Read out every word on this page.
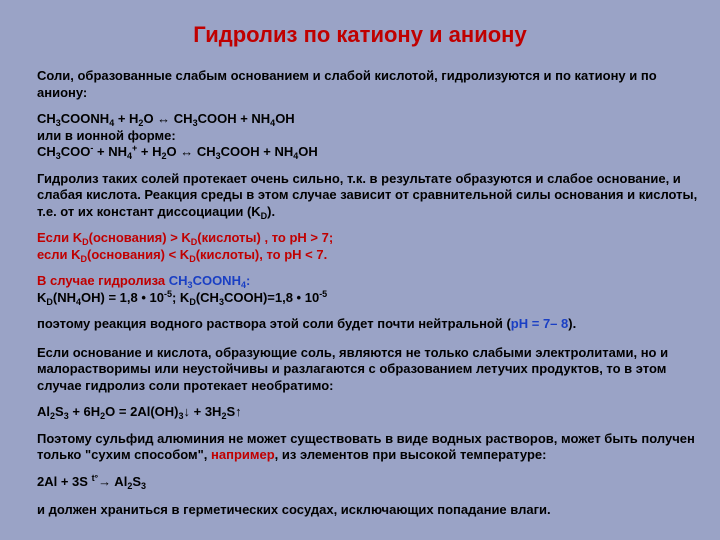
Гидролиз по катиону и аниону

Соли, образованные слабым основанием и слабой кислотой, гидролизуются и по катиону и по аниону:

$CH_3COONH_4 + H_2O$ ↔ $CH_3COOH + NH_4OH$

или в ионной форме:

$CH_3COO^- + NH_4^+ + H_2O$ ↔ $CH_3COOH + NH_4OH$

Гидролиз таких солей протекает очень сильно, т.к. в результате образуются и слабое основание, и слабая кислота. Реакция среды в этом случае зависит от сравнительной силы основания и кислоты, т.е. от их констант диссоциации $(K_D)$.

Если $K_D(основания)$ > $K_D(кислоты)$ , то pH > 7;

если $K_D(основания)$ < $K_D(кислоты)$, то pH < 7.

В случае гидролиза $CH_3COONH_4$:

$K_D(NH_4OH) = 1,8$ • $10^{-5}$; $K_D(CH_3COOH)=1,8$ • $10^{-5}$

поэтому реакция водного раствора этой соли будет почти нейтральной (pH = 7– 8).

Если основание и кислота, образующие соль, являются не только слабыми электролитами, но и малорастворимы или неустойчивы и разлагаются с образованием летучих продуктов, то в этом случае гидролиз соли протекает необратимо:

$Al_2S_3 + 6H_2O$ = $2Al(OH)_3↓$ + $3H_2S↑$

Поэтому сульфид алюминия не может существовать в виде водных растворов, может быть получен только "сухим способом", например, из элементов при высокой температуре:

2Al + 3S $^{t^\circ}\to Al_2S_3$

и должен храниться в герметических сосудах, исключающих попадание влаги.
